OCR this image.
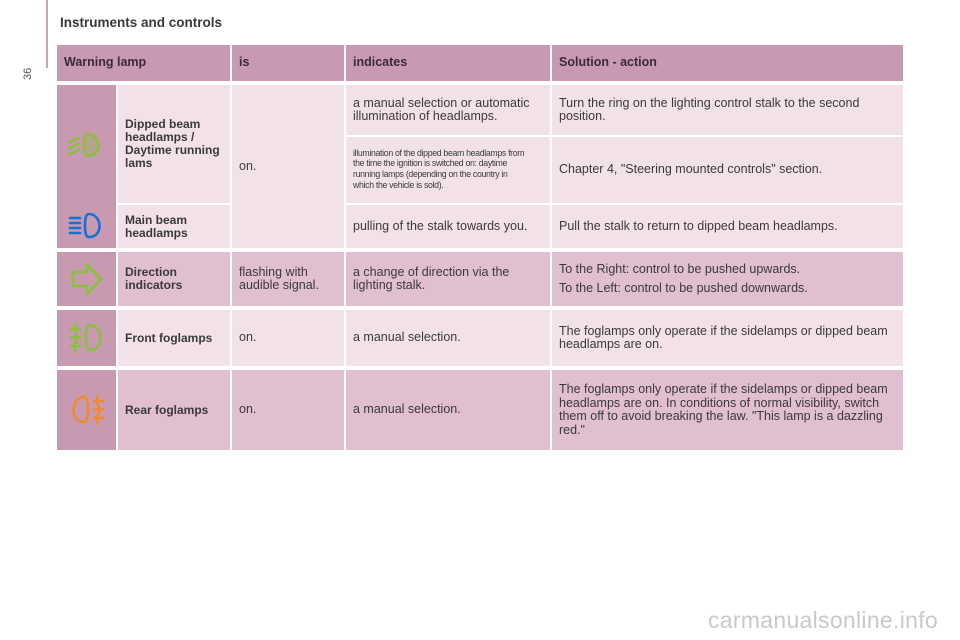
36
Instruments and controls
Warning lamp		is	indicates	Solution - action

	Dipped beam headlamps / Daytime running lams	on.	a manual selection or automatic illumination of headlamps.	Turn the ring on the lighting control stalk to the second position.

			illumination of the dipped beam headlamps from the time the ignition is switched on: daytime running lamps (depending on the country in which the vehicle is sold).	Chapter 4, "Steering mounted controls" section.

	Main beam headlamps		pulling of the stalk towards you.	Pull the stalk to return to dipped beam headlamps.

	Direction indicators	flashing with audible signal.	a change of direction via the lighting stalk.	To the Right: control to be pushed upwards.

To the Left: control to be pushed downwards.

	Front foglamps	on.	a manual selection.	The foglamps only operate if the sidelamps or dipped beam headlamps are on.

	Rear foglamps	on.	a manual selection.	The foglamps only operate if the sidelamps or dipped beam headlamps are on. In conditions of normal visibility, switch them off to avoid breaking the law. "This lamp is a dazzling red."
carmanualsonline.info
